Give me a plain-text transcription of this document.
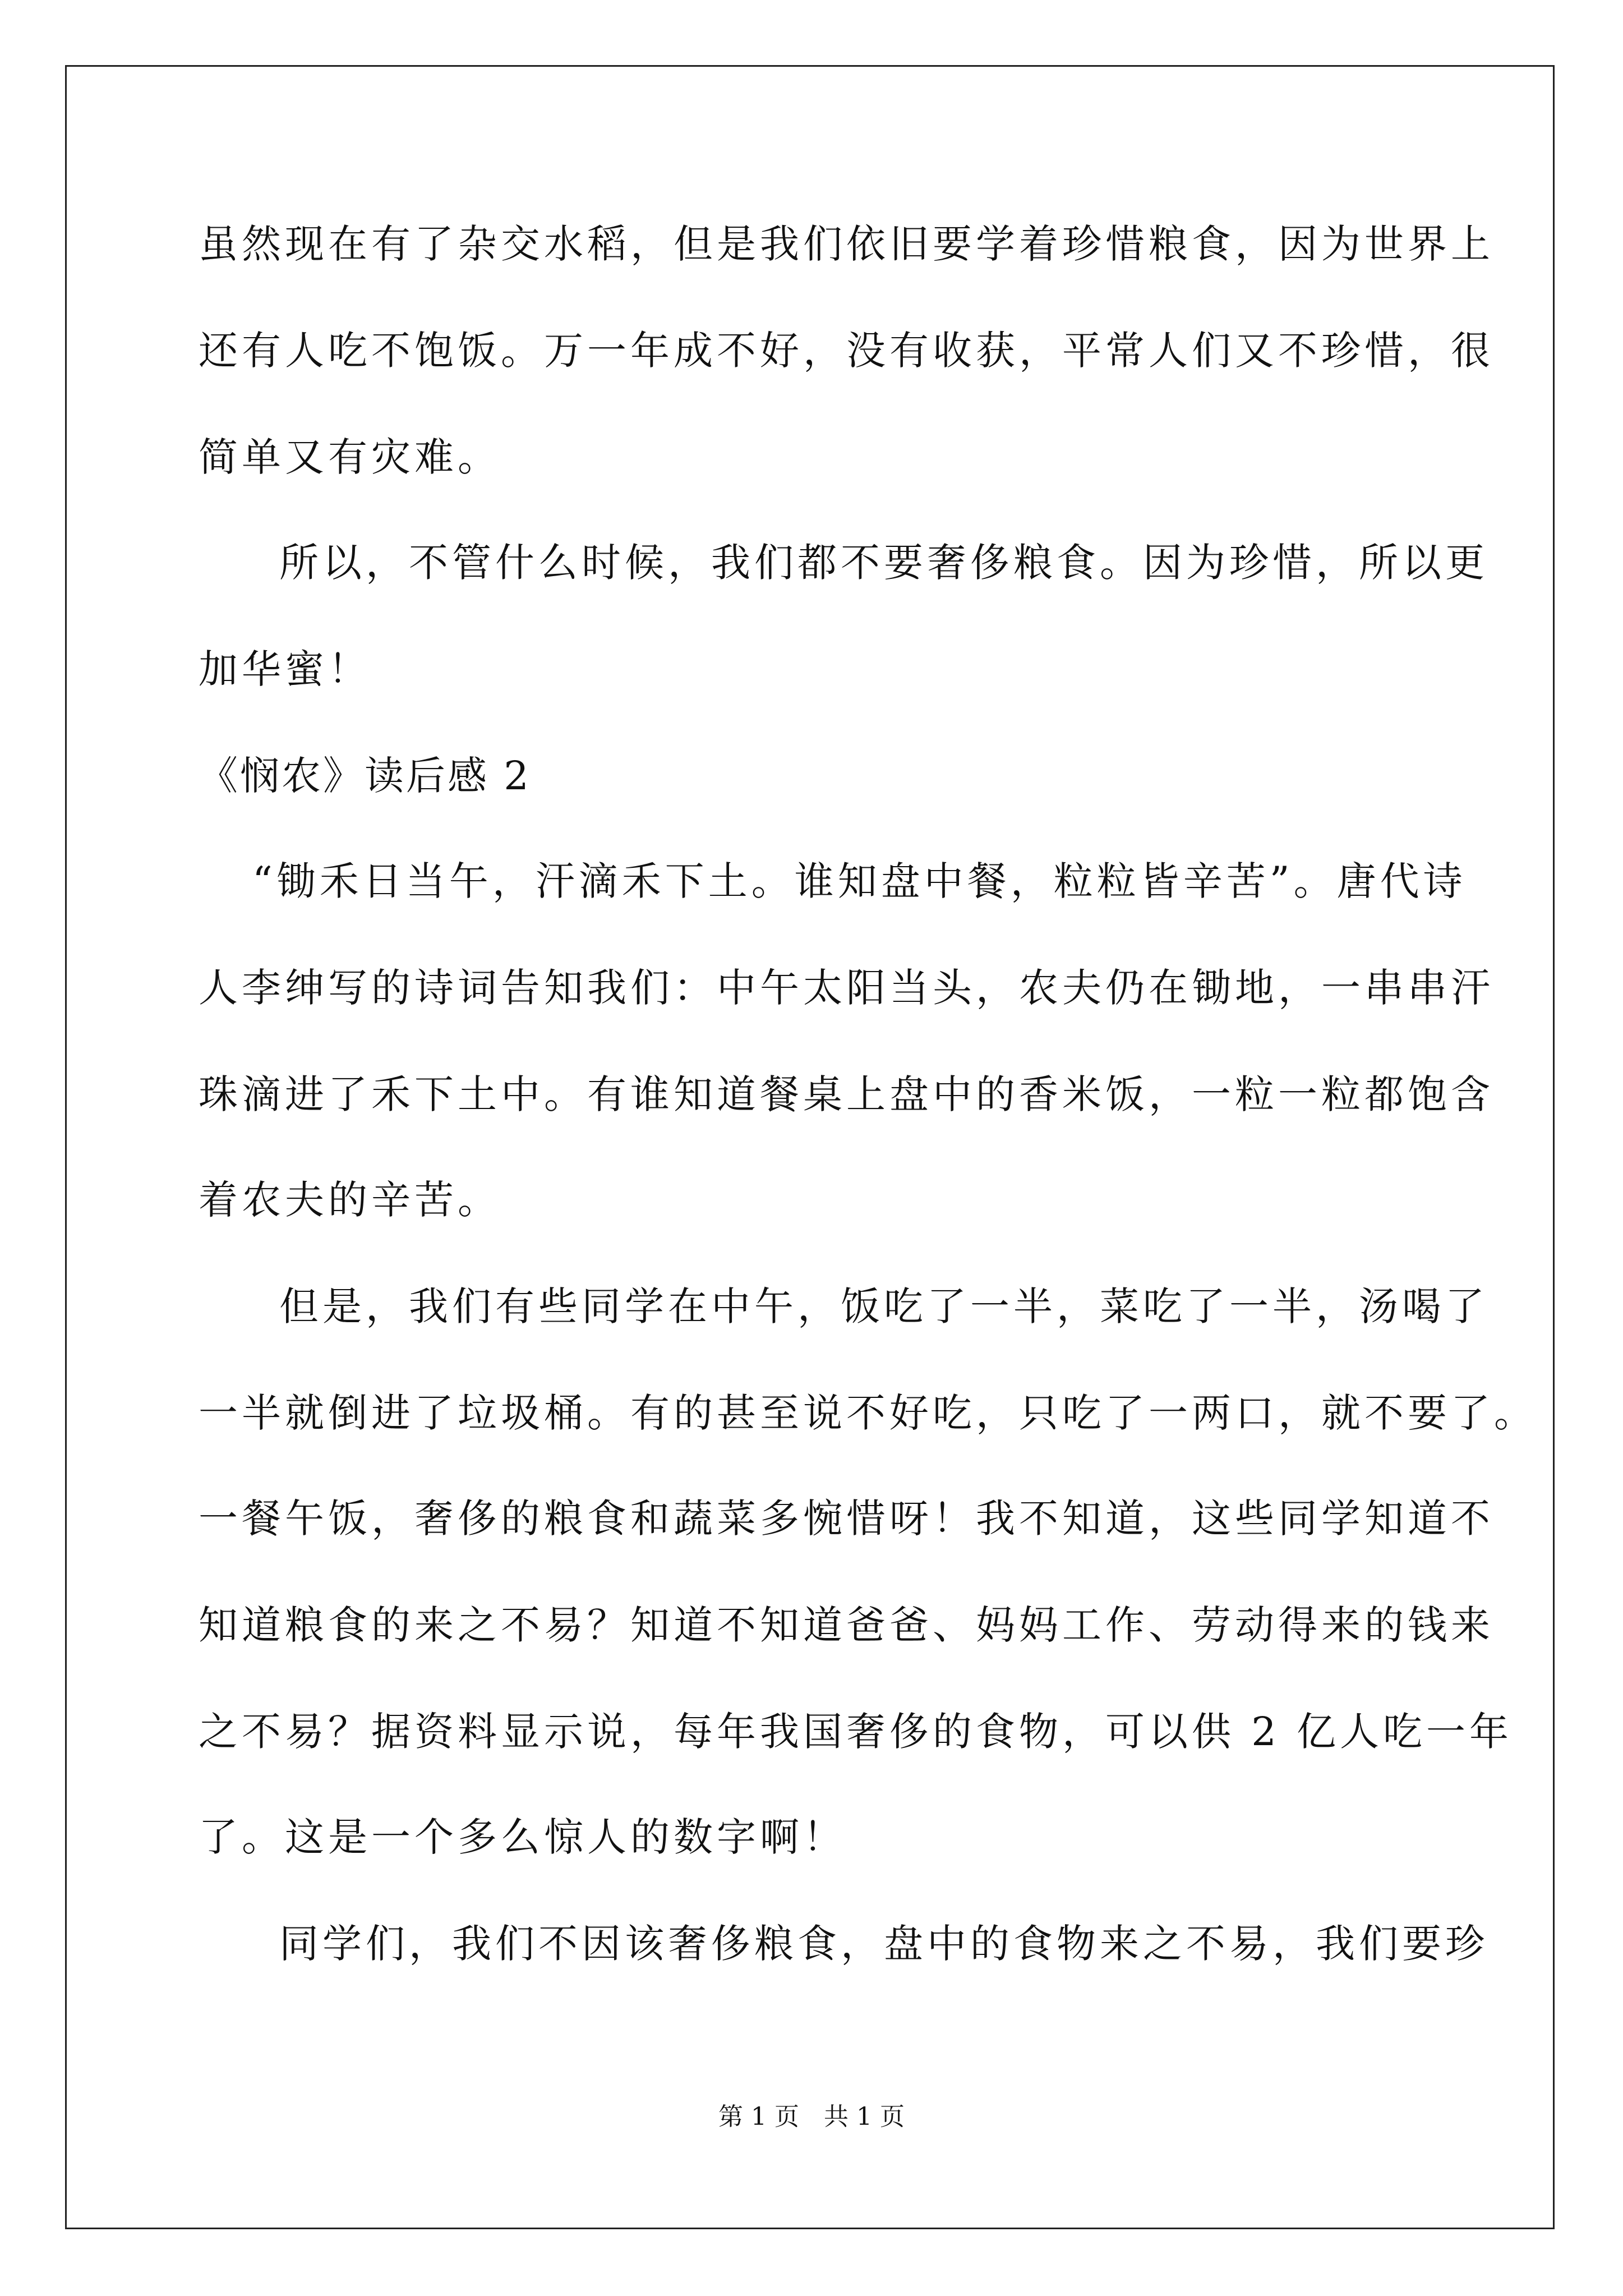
虽然现在有了杂交水稻，但是我们依旧要学着珍惜粮食，因为世界上
还有人吃不饱饭。万一年成不好，没有收获，平常人们又不珍惜，很
简单又有灾难。
所以，不管什么时候，我们都不要奢侈粮食。因为珍惜，所以更
加华蜜！
《悯农》读后感 2
“锄禾日当午，汗滴禾下土。谁知盘中餐，粒粒皆辛苦”。唐代诗
人李绅写的诗词告知我们：中午太阳当头，农夫仍在锄地，一串串汗
珠滴进了禾下土中。有谁知道餐桌上盘中的香米饭，一粒一粒都饱含
着农夫的辛苦。
但是，我们有些同学在中午，饭吃了一半，菜吃了一半，汤喝了
一半就倒进了垃圾桶。有的甚至说不好吃，只吃了一两口，就不要了。
一餐午饭，奢侈的粮食和蔬菜多惋惜呀！我不知道，这些同学知道不
知道粮食的来之不易？知道不知道爸爸、妈妈工作、劳动得来的钱来
之不易？据资料显示说，每年我国奢侈的食物，可以供 2 亿人吃一年
了。这是一个多么惊人的数字啊！
同学们，我们不因该奢侈粮食，盘中的食物来之不易，我们要珍
第 1 页　共 1 页
